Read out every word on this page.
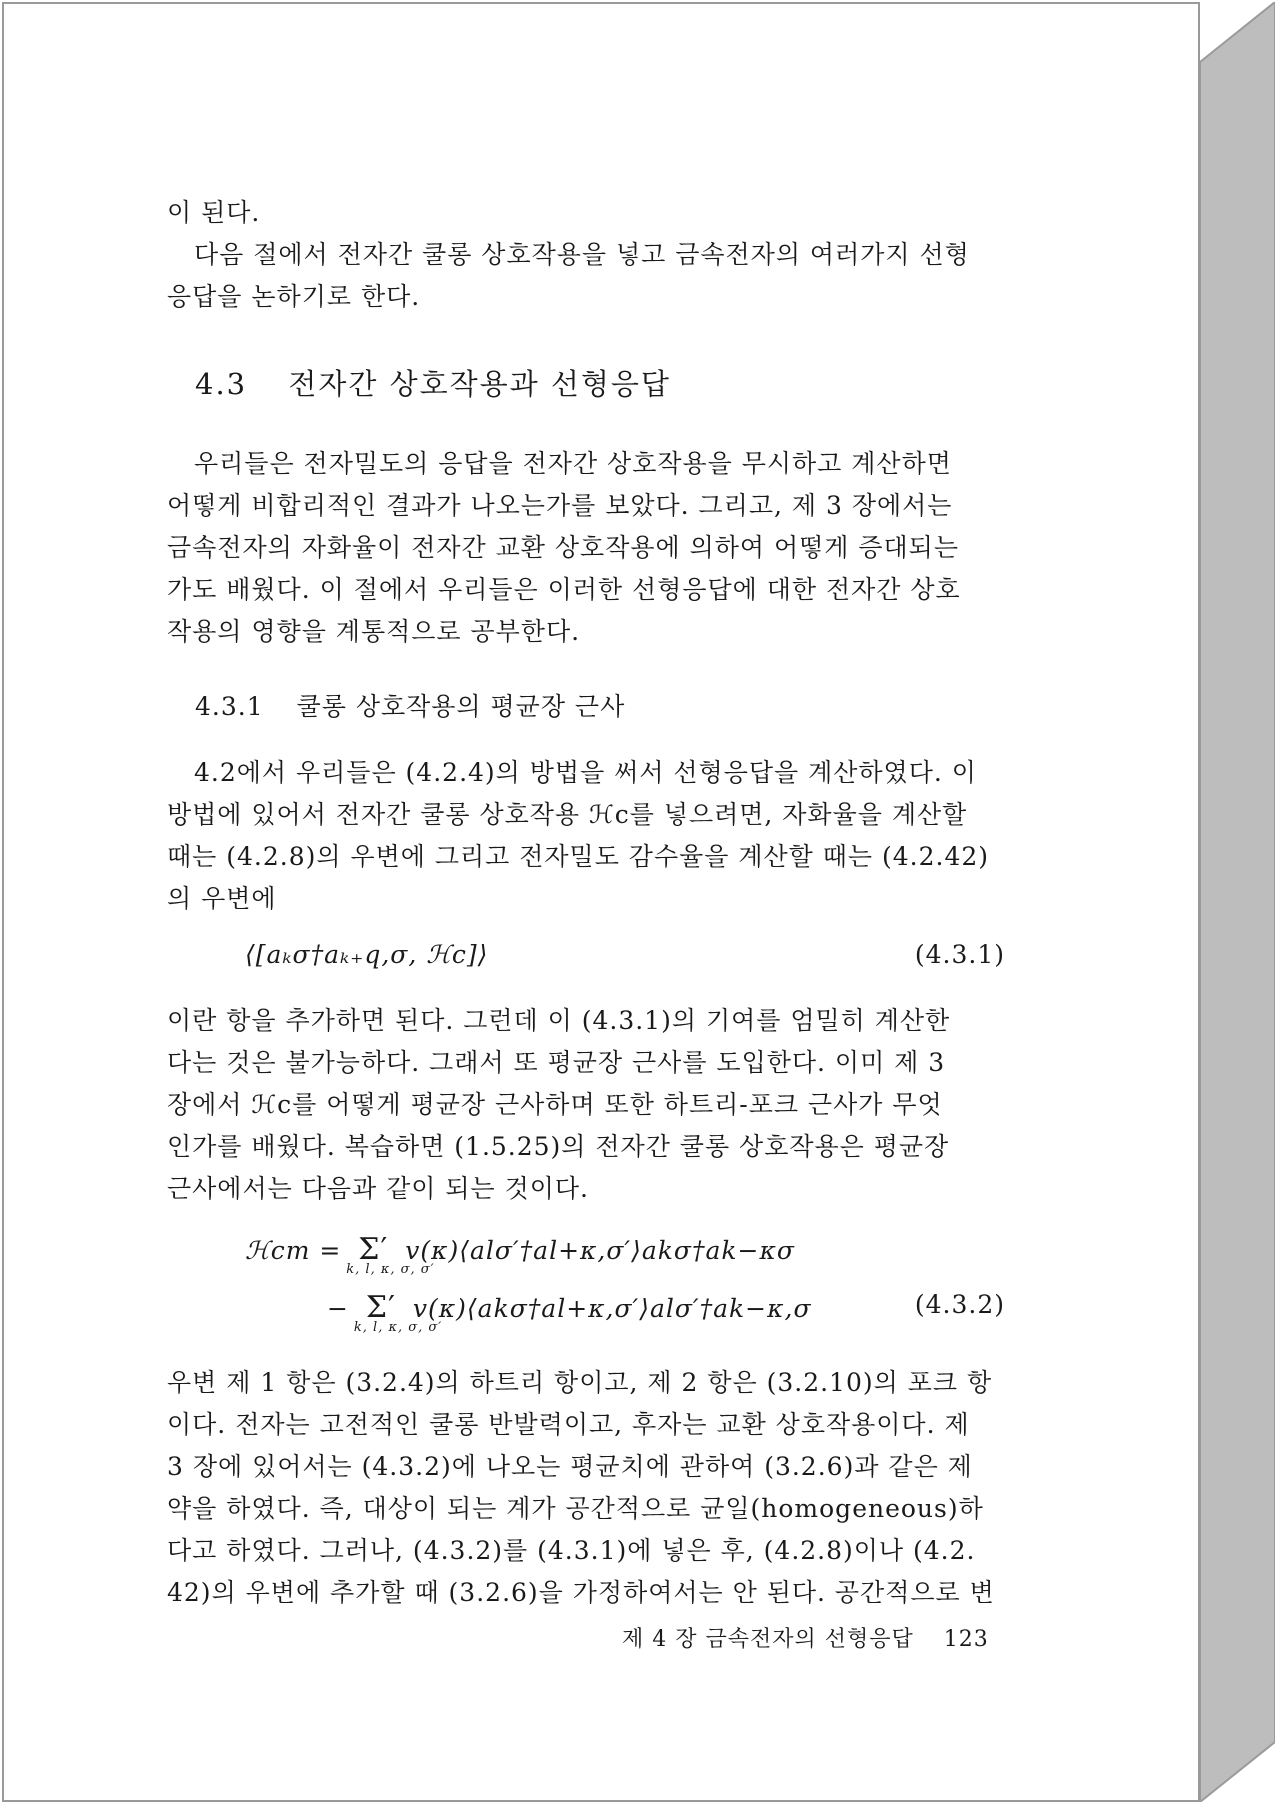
이 된다.

다음 절에서 전자간 쿨롱 상호작용을 넣고 금속전자의 여러가지 선형
응답을 논하기로 한다.

4.3 전자간 상호작용과 선형응답

우리들은 전자밀도의 응답을 전자간 상호작용을 무시하고 계산하면
어떻게 비합리적인 결과가 나오는가를 보았다. 그리고, 제 3 장에서는
금속전자의 자화율이 전자간 교환 상호작용에 의하여 어떻게 증대되는
가도 배웠다. 이 절에서 우리들은 이러한 선형응답에 대한 전자간 상호
작용의 영향을 계통적으로 공부한다.

4.3.1 쿨롱 상호작용의 평균장 근사

4.2에서 우리들은 (4.2.4)의 방법을 써서 선형응답을 계산하였다. 이
방법에 있어서 전자간 쿨롱 상호작용 ℋc를 넣으려면, 자화율을 계산할
때는 (4.2.8)의 우변에 그리고 전자밀도 감수율을 계산할 때는 (4.2.42)
의 우변에

⟨[aₖσ†aₖ₊q,σ, ℋc]⟩	(4.3.1)

이란 항을 추가하면 된다. 그런데 이 (4.3.1)의 기여를 엄밀히 계산한
다는 것은 불가능하다. 그래서 또 평균장 근사를 도입한다. 이미 제 3
장에서 ℋc를 어떻게 평균장 근사하며 또한 하트리-포크 근사가 무엇
인가를 배웠다. 복습하면 (1.5.25)의 전자간 쿨롱 상호작용은 평균장
근사에서는 다음과 같이 되는 것이다.

ℋcm = Σ′
k, l, κ, σ, σ′
v(κ)⟨alσ′†al+κ,σ′⟩akσ†ak−κσ
− Σ′
k, l, κ, σ, σ′
v(κ)⟨akσ†al+κ,σ′⟩alσ′†ak−κ,σ	(4.3.2)

우변 제 1 항은 (3.2.4)의 하트리 항이고, 제 2 항은 (3.2.10)의 포크 항
이다. 전자는 고전적인 쿨롱 반발력이고, 후자는 교환 상호작용이다. 제
3 장에 있어서는 (4.3.2)에 나오는 평균치에 관하여 (3.2.6)과 같은 제
약을 하였다. 즉, 대상이 되는 계가 공간적으로 균일(homogeneous)하
다고 하였다. 그러나, (4.3.2)를 (4.3.1)에 넣은 후, (4.2.8)이나 (4.2.
42)의 우변에 추가할 때 (3.2.6)을 가정하여서는 안 된다. 공간적으로 변

제 4 장 금속전자의 선형응답 123
